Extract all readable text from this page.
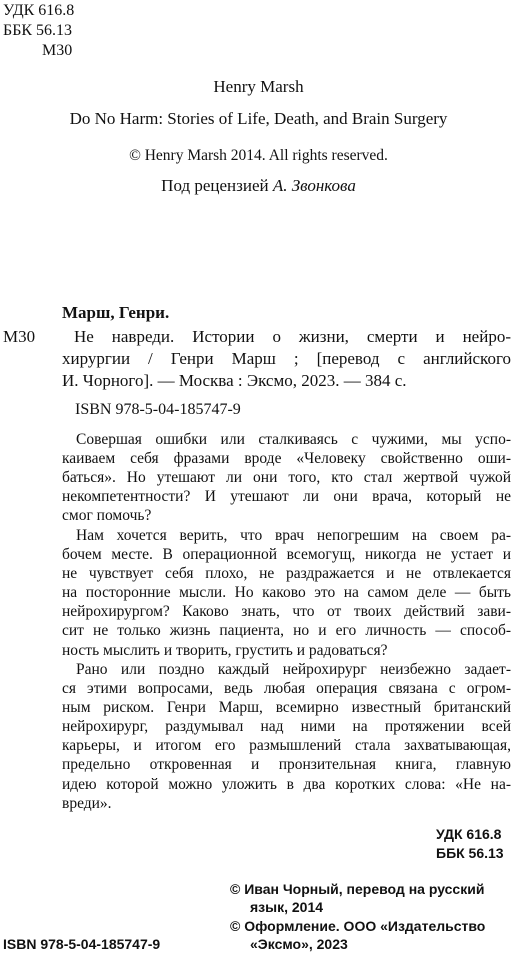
УДК 616.8
ББК 56.13
М30
Henry Marsh
Do No Harm: Stories of Life, Death, and Brain Surgery
© Henry Marsh 2014. All rights reserved.
Под рецензией А. Звонкова
Марш, Генри.
М30	Не навреди. Истории о жизни, смерти и нейро-
хирургии / Генри Марш ; [перевод с английского
И. Чорного]. — Москва : Эксмо, 2023. — 384 с.
ISBN 978-5-04-185747-9
Совершая ошибки или сталкиваясь с чужими, мы успо-
каиваем себя фразами вроде «Человеку свойственно оши-
баться». Но утешают ли они того, кто стал жертвой чужой
некомпетентности? И утешают ли они врача, который не
смог помочь?
Нам хочется верить, что врач непогрешим на своем ра-
бочем месте. В операционной всемогущ, никогда не устает и
не чувствует себя плохо, не раздражается и не отвлекается
на посторонние мысли. Но каково это на самом деле — быть
нейрохирургом? Каково знать, что от твоих действий зави-
сит не только жизнь пациента, но и его личность — способ-
ность мыслить и творить, грустить и радоваться?
Рано или поздно каждый нейрохирург неизбежно задает-
ся этими вопросами, ведь любая операция связана с огром-
ным риском. Генри Марш, всемирно известный британский
нейрохирург, раздумывал над ними на протяжении всей
карьеры, и итогом его размышлений стала захватывающая,
предельно откровенная и пронзительная книга, главную
идею которой можно уложить в два коротких слова: «Не на-
вреди».
УДК 616.8
ББК 56.13
© Иван Чорный, перевод на русский
язык, 2014
© Оформление. ООО «Издательство
«Эксмо», 2023
ISBN 978-5-04-185747-9
